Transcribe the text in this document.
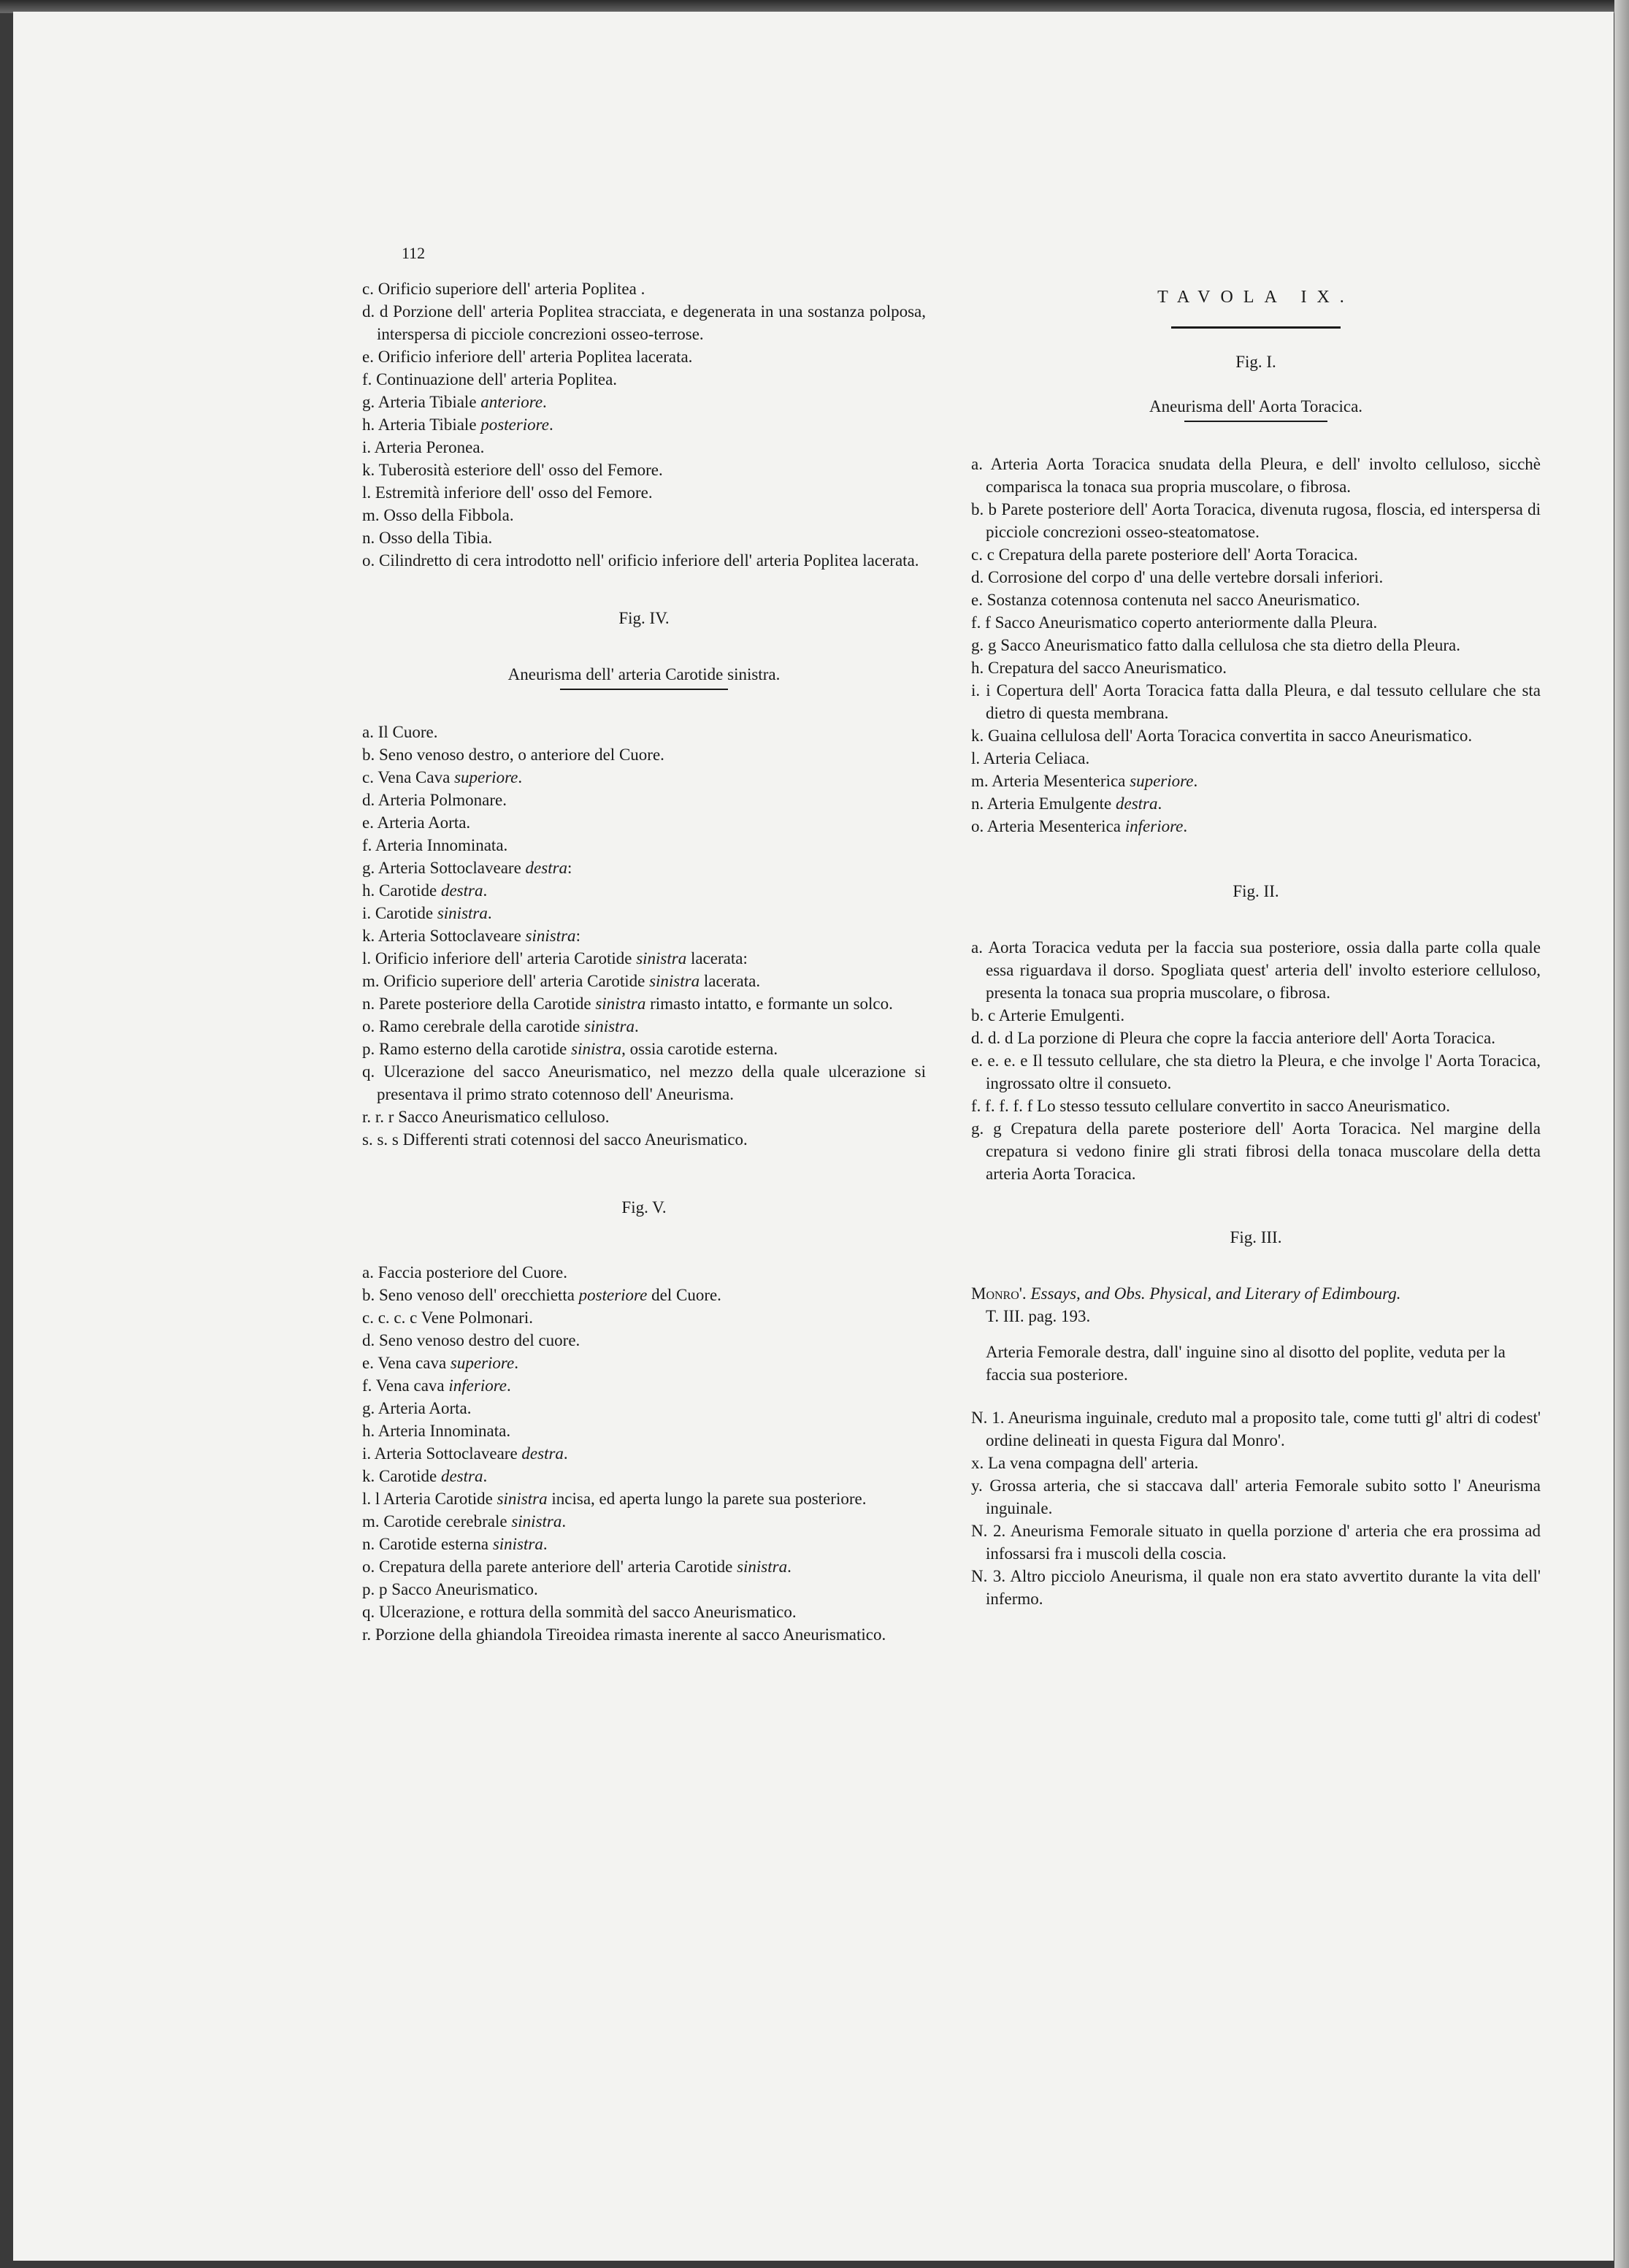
112

c. Orificio superiore dell' arteria Poplitea .

d. d Porzione dell' arteria Poplitea stracciata, e degenerata in una sostanza polposa, interspersa di picciole concrezioni osseo-terrose.

e. Orificio inferiore dell' arteria Poplitea lacerata.

f. Continuazione dell' arteria Poplitea.

g. Arteria Tibiale anteriore.

h. Arteria Tibiale posteriore.

i. Arteria Peronea.

k. Tuberosità esteriore dell' osso del Femore.

l. Estremità inferiore dell' osso del Femore.

m. Osso della Fibbola.

n. Osso della Tibia.

o. Cilindretto di cera introdotto nell' orificio inferiore dell' arteria Poplitea lacerata.

Fig. IV.

Aneurisma dell' arteria Carotide sinistra.

a. Il Cuore.

b. Seno venoso destro, o anteriore del Cuore.

c. Vena Cava superiore.

d. Arteria Polmonare.

e. Arteria Aorta.

f. Arteria Innominata.

g. Arteria Sottoclaveare destra:

h. Carotide destra.

i. Carotide sinistra.

k. Arteria Sottoclaveare sinistra:

l. Orificio inferiore dell' arteria Carotide sinistra lacerata:

m. Orificio superiore dell' arteria Carotide sinistra lacerata.

n. Parete posteriore della Carotide sinistra rimasto intatto, e formante un solco.

o. Ramo cerebrale della carotide sinistra.

p. Ramo esterno della carotide sinistra, ossia carotide esterna.

q. Ulcerazione del sacco Aneurismatico, nel mezzo della quale ulcerazione si presentava il primo strato cotennoso dell' Aneurisma.

r. r. r Sacco Aneurismatico celluloso.

s. s. s Differenti strati cotennosi del sacco Aneurismatico.

Fig. V.

a. Faccia posteriore del Cuore.

b. Seno venoso dell' orecchietta posteriore del Cuore.

c. c. c. c Vene Polmonari.

d. Seno venoso destro del cuore.

e. Vena cava superiore.

f. Vena cava inferiore.

g. Arteria Aorta.

h. Arteria Innominata.

i. Arteria Sottoclaveare destra.

k. Carotide destra.

l. l Arteria Carotide sinistra incisa, ed aperta lungo la parete sua posteriore.

m. Carotide cerebrale sinistra.

n. Carotide esterna sinistra.

o. Crepatura della parete anteriore dell' arteria Carotide sinistra.

p. p Sacco Aneurismatico.

q. Ulcerazione, e rottura della sommità del sacco Aneurismatico.

r. Porzione della ghiandola Tireoidea rimasta inerente al sacco Aneurismatico.

TAVOLA IX.

Fig. I.

Aneurisma dell' Aorta Toracica.

a. Arteria Aorta Toracica snudata della Pleura, e dell' involto celluloso, sicchè comparisca la tonaca sua propria muscolare, o fibrosa.

b. b Parete posteriore dell' Aorta Toracica, divenuta rugosa, floscia, ed interspersa di picciole concrezioni osseo-steatomatose.

c. c Crepatura della parete posteriore dell' Aorta Toracica.

d. Corrosione del corpo d' una delle vertebre dorsali inferiori.

e. Sostanza cotennosa contenuta nel sacco Aneurismatico.

f. f Sacco Aneurismatico coperto anteriormente dalla Pleura.

g. g Sacco Aneurismatico fatto dalla cellulosa che sta dietro della Pleura.

h. Crepatura del sacco Aneurismatico.

i. i Copertura dell' Aorta Toracica fatta dalla Pleura, e dal tessuto cellulare che sta dietro di questa membrana.

k. Guaina cellulosa dell' Aorta Toracica convertita in sacco Aneurismatico.

l. Arteria Celiaca.

m. Arteria Mesenterica superiore.

n. Arteria Emulgente destra.

o. Arteria Mesenterica inferiore.

Fig. II.

a. Aorta Toracica veduta per la faccia sua posteriore, ossia dalla parte colla quale essa riguardava il dorso. Spogliata quest' arteria dell' involto esteriore celluloso, presenta la tonaca sua propria muscolare, o fibrosa.

b. c Arterie Emulgenti.

d. d. d La porzione di Pleura che copre la faccia anteriore dell' Aorta Toracica.

e. e. e. e Il tessuto cellulare, che sta dietro la Pleura, e che involge l' Aorta Toracica, ingrossato oltre il consueto.

f. f. f. f. f Lo stesso tessuto cellulare convertito in sacco Aneurismatico.

g. g Crepatura della parete posteriore dell' Aorta Toracica. Nel margine della crepatura si vedono finire gli strati fibrosi della tonaca muscolare della detta arteria Aorta Toracica.

Fig. III.

Monro'. Essays, and Obs. Physical, and Literary of Edimbourg.

T. III. pag. 193.

Arteria Femorale destra, dall' inguine sino al disotto del poplite, veduta per la faccia sua posteriore.

N. 1. Aneurisma inguinale, creduto mal a proposito tale, come tutti gl' altri di codest' ordine delineati in questa Figura dal Monro'.

x. La vena compagna dell' arteria.

y. Grossa arteria, che si staccava dall' arteria Femorale subito sotto l' Aneurisma inguinale.

N. 2. Aneurisma Femorale situato in quella porzione d' arteria che era prossima ad infossarsi fra i muscoli della coscia.

N. 3. Altro picciolo Aneurisma, il quale non era stato avvertito durante la vita dell' infermo.
